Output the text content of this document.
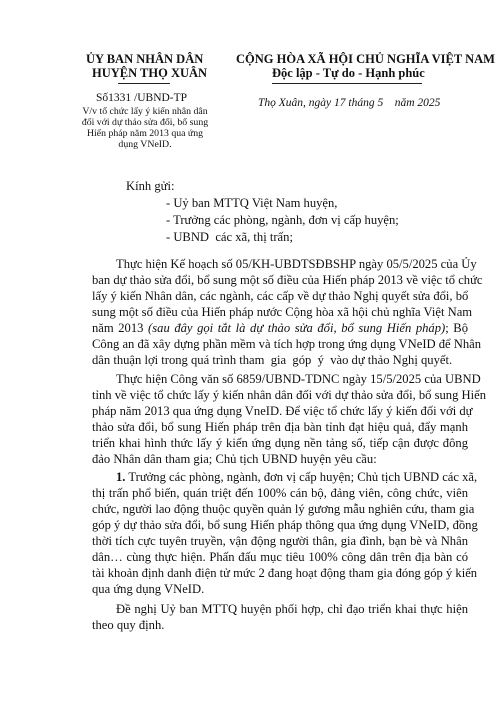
ỦY BAN NHÂN DÂN
HUYỆN THỌ XUÂN
Số1331 /UBND-TP
V/v tổ chức lấy ý kiến nhân dân
đối với dự thảo sửa đổi, bổ sung
Hiến pháp năm 2013 qua ứng
dụng VNeID.
CỘNG HÒA XÃ HỘI CHỦ NGHĨA VIỆT NAM
Độc lập - Tự do - Hạnh phúc
Thọ Xuân, ngày 17 tháng 5    năm 2025
Kính gửi:
- Uỷ ban MTTQ Việt Nam huyện,
- Trưởng các phòng, ngành, đơn vị cấp huyện;
- UBND  các xã, thị trấn;
Thực hiện Kế hoạch số 05/KH-UBDTSĐBSHP ngày 05/5/2025 của Ủy
ban dự thảo sửa đổi, bổ sung một số điều của Hiến pháp 2013 về việc tổ chức
lấy ý kiến Nhân dân, các ngành, các cấp về dự thảo Nghị quyết sửa đổi, bổ
sung một số điều của Hiến pháp nước Cộng hòa xã hội chủ nghĩa Việt Nam
năm 2013 (sau đây gọi tắt là dự thảo sửa đổi, bổ sung Hiến pháp); Bộ
Công an đã xây dựng phần mềm và tích hợp trong ứng dụng VNeID để Nhân
dân thuận lợi trong quá trình tham  gia  góp  ý  vào dự thảo Nghị quyết.
Thực hiện Công văn số 6859/UBND-TDNC ngày 15/5/2025 của UBND
tỉnh về việc tổ chức lấy ý kiến nhân dân đối với dự thảo sửa đổi, bổ sung Hiến
pháp năm 2013 qua ứng dụng VneID. Để việc tổ chức lấy ý kiến đối với dự
thảo sửa đổi, bổ sung Hiến pháp trên địa bàn tỉnh đạt hiệu quả, đẩy mạnh
triển khai hình thức lấy ý kiến ứng dụng nền tảng số, tiếp cận được đông
đảo Nhân dân tham gia; Chủ tịch UBND huyện yêu cầu:
1. Trưởng các phòng, ngành, đơn vị cấp huyện; Chủ tịch UBND các xã,
thị trấn phổ biến, quán triệt đến 100% cán bộ, đảng viên, công chức, viên
chức, người lao động thuộc quyền quản lý gương mẫu nghiên cứu, tham gia
góp ý dự thảo sửa đổi, bổ sung Hiến pháp thông qua ứng dụng VNeID, đồng
thời tích cực tuyên truyền, vận động người thân, gia đình, bạn bè và Nhân
dân… cùng thực hiện. Phấn đấu mục tiêu 100% công dân trên địa bàn có
tài khoản định danh điện tử mức 2 đang hoạt động tham gia đóng góp ý kiến
qua ứng dụng VNeID.
Đề nghị Uỷ ban MTTQ huyện phối hợp, chỉ đạo triển khai thực hiện
theo quy định.
